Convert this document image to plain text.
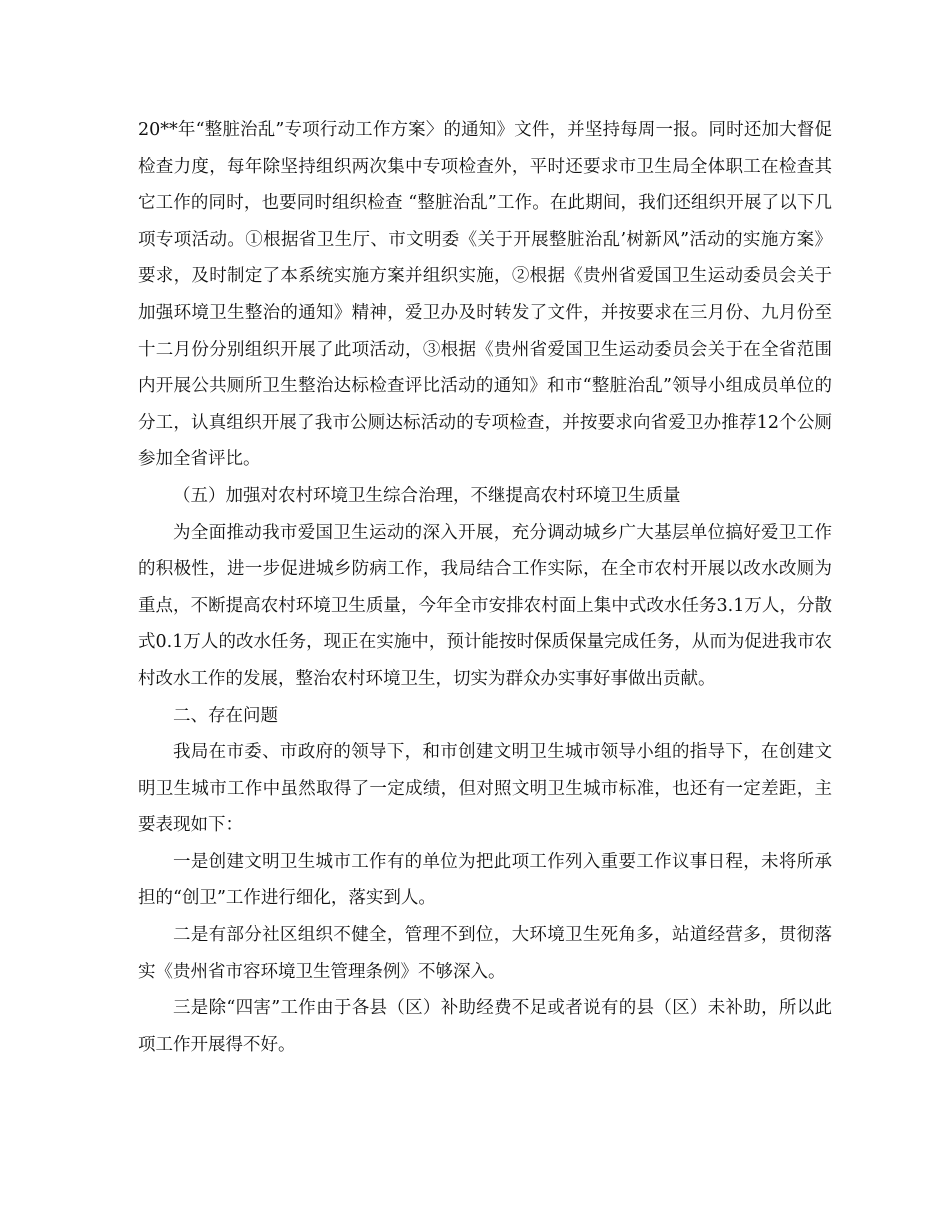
20**年“整脏治乱”专项行动工作方案〉的通知》文件，并坚持每周一报。同时还加大督促检查力度，每年除坚持组织两次集中专项检查外，平时还要求市卫生局全体职工在检查其它工作的同时，也要同时组织检查 “整脏治乱”工作。在此期间，我们还组织开展了以下几项专项活动。①根据省卫生厅、市文明委《关于开展整脏治乱’树新风”活动的实施方案》要求，及时制定了本系统实施方案并组织实施，②根据《贵州省爱国卫生运动委员会关于加强环境卫生整治的通知》精神，爱卫办及时转发了文件，并按要求在三月份、九月份至十二月份分别组织开展了此项活动，③根据《贵州省爱国卫生运动委员会关于在全省范围内开展公共厕所卫生整治达标检查评比活动的通知》和市“整脏治乱”领导小组成员单位的分工，认真组织开展了我市公厕达标活动的专项检查，并按要求向省爱卫办推荐12个公厕参加全省评比。

（五）加强对农村环境卫生综合治理，不继提高农村环境卫生质量

为全面推动我市爱国卫生运动的深入开展，充分调动城乡广大基层单位搞好爱卫工作的积极性，进一步促进城乡防病工作，我局结合工作实际，在全市农村开展以改水改厕为重点，不断提高农村环境卫生质量，今年全市安排农村面上集中式改水任务3.1万人，分散式0.1万人的改水任务，现正在实施中，预计能按时保质保量完成任务，从而为促进我市农村改水工作的发展，整治农村环境卫生，切实为群众办实事好事做出贡献。

二、存在问题

我局在市委、市政府的领导下，和市创建文明卫生城市领导小组的指导下，在创建文明卫生城市工作中虽然取得了一定成绩，但对照文明卫生城市标准，也还有一定差距，主要表现如下：

一是创建文明卫生城市工作有的单位为把此项工作列入重要工作议事日程，未将所承担的“创卫”工作进行细化，落实到人。

二是有部分社区组织不健全，管理不到位，大环境卫生死角多，站道经营多，贯彻落实《贵州省市容环境卫生管理条例》不够深入。

三是除“四害”工作由于各县（区）补助经费不足或者说有的县（区）未补助，所以此项工作开展得不好。
